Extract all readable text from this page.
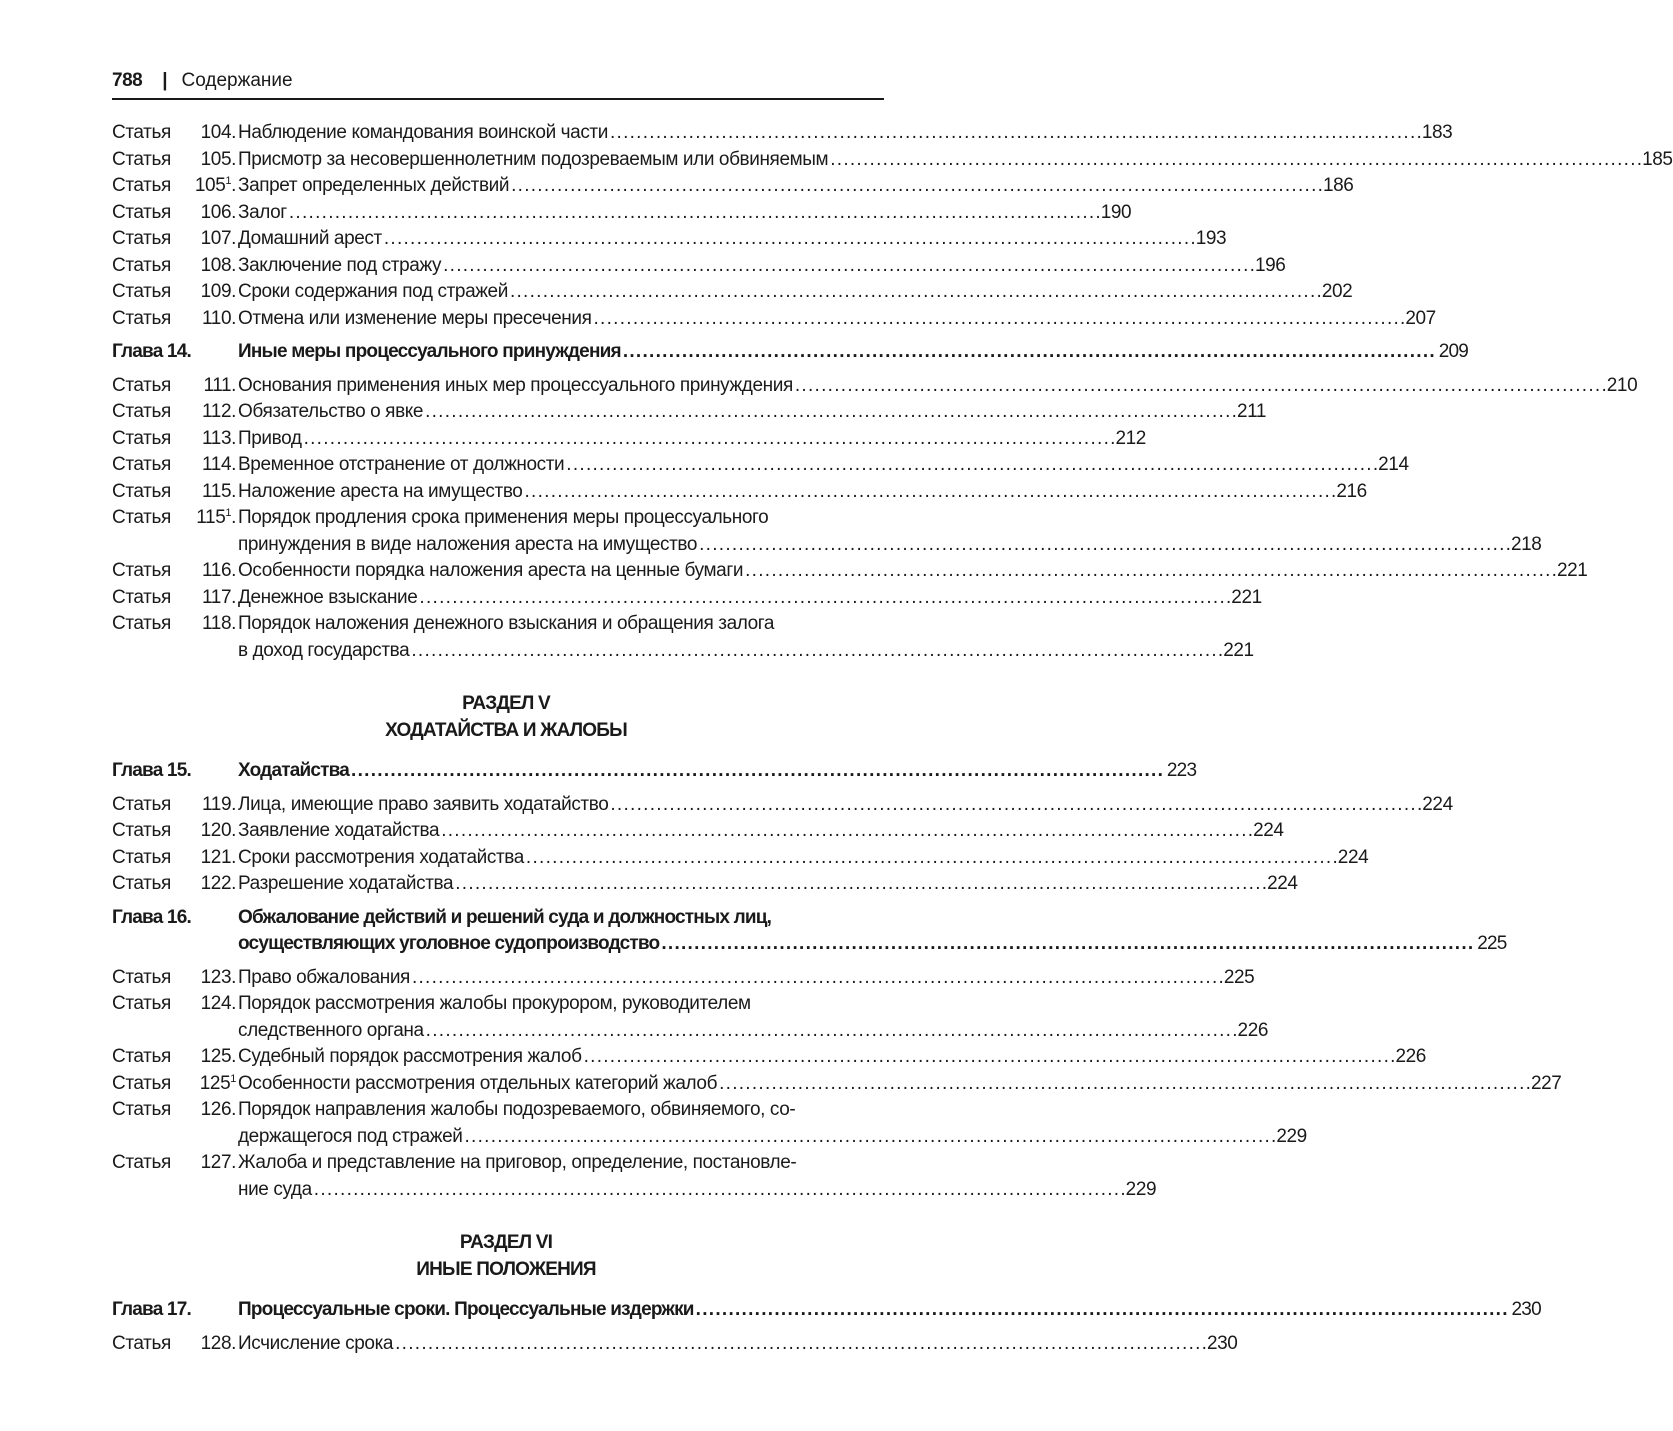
788 | Содержание
Статья	104. Наблюдение командования воинской части . . .	183
Статья	105. Присмотр за несовершеннолетним подозреваемым или обвиняемым . . .	185
Статья	$105^1$. Запрет определенных действий . . .	186
Статья	106. Залог . . .	190
Статья	107. Домашний арест . . .	193
Статья	108. Заключение под стражу . . .	196
Статья	109. Сроки содержания под стражей . . .	202
Статья	110. Отмена или изменение меры пресечения . . .	207
Глава 14. Иные меры процессуального принуждения . . .	209
Статья	111. Основания применения иных мер процессуального принуждения . . .	210
Статья	112. Обязательство о явке . . .	211
Статья	113. Привод . . .	212
Статья	114. Временное отстранение от должности . . .	214
Статья	115. Наложение ареста на имущество . . .	216
Статья	$115^1$. Порядок продления срока применения меры процессуального
принуждения в виде наложения ареста на имущество . . .	218
Статья	116. Особенности порядка наложения ареста на ценные бумаги . . .	221
Статья	117. Денежное взыскание . . .	221
Статья	118. Порядок наложения денежного взыскания и обращения залога
в доход государства . . .	221
РАЗДЕЛ V
ХОДАТАЙСТВА И ЖАЛОБЫ
Глава 15. Ходатайства . . .	223
Статья	119. Лица, имеющие право заявить ходатайство . . .	224
Статья	120. Заявление ходатайства . . .	224
Статья	121. Сроки рассмотрения ходатайства . . .	224
Статья	122. Разрешение ходатайства . . .	224
Глава 16. Обжалование действий и решений суда и должностных лиц,
осуществляющих уголовное судопроизводство . . .	225
Статья	123. Право обжалования . . .	225
Статья	124. Порядок рассмотрения жалобы прокурором, руководителем
следственного органа . . .	226
Статья	125. Судебный порядок рассмотрения жалоб . . .	226
Статья	$125^1$ Особенности рассмотрения отдельных категорий жалоб . . .	227
Статья	126. Порядок направления жалобы подозреваемого, обвиняемого, со-
держащегося под стражей . . .	229
Статья	127. Жалоба и представление на приговор, определение, постановле-
ние суда . . .	229
РАЗДЕЛ VI
ИНЫЕ ПОЛОЖЕНИЯ
Глава 17. Процессуальные сроки. Процессуальные издержки . . .	230
Статья	128. Исчисление срока . . .	230
